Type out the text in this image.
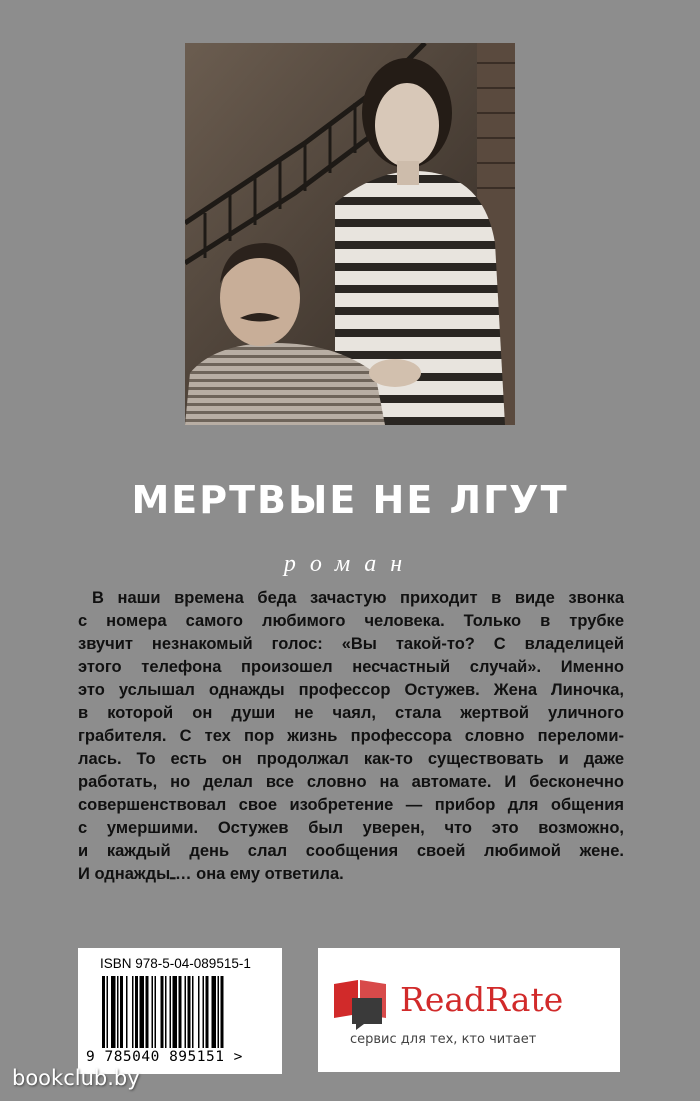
МЕРТВЫЕ НЕ ЛГУТ
роман
В наши времена беда зачастую приходит в виде звонка
с номера самого любимого человека. Только в трубке
звучит незнакомый голос: «Вы такой-то? С владелицей
этого телефона произошел несчастный случай». Именно
это услышал однажды профессор Остужев. Жена Линочка,
в которой он души не чаял, стала жертвой уличного
грабителя. С тех пор жизнь профессора словно переломи-
лась. То есть он продолжал как-то существовать и даже
работать, но делал все словно на автомате. И бесконечно
совершенствовал свое изобретение — прибор для общения
с умершими. Остужев был уверен, что это возможно,
и каждый день слал сообщения своей любимой жене.
И однаждыـ… она ему ответила.
ISBN 978-5-04-089515-1
9 785040 895151 >
ReadRate
сервис для тех, кто читает
bookclub.by
